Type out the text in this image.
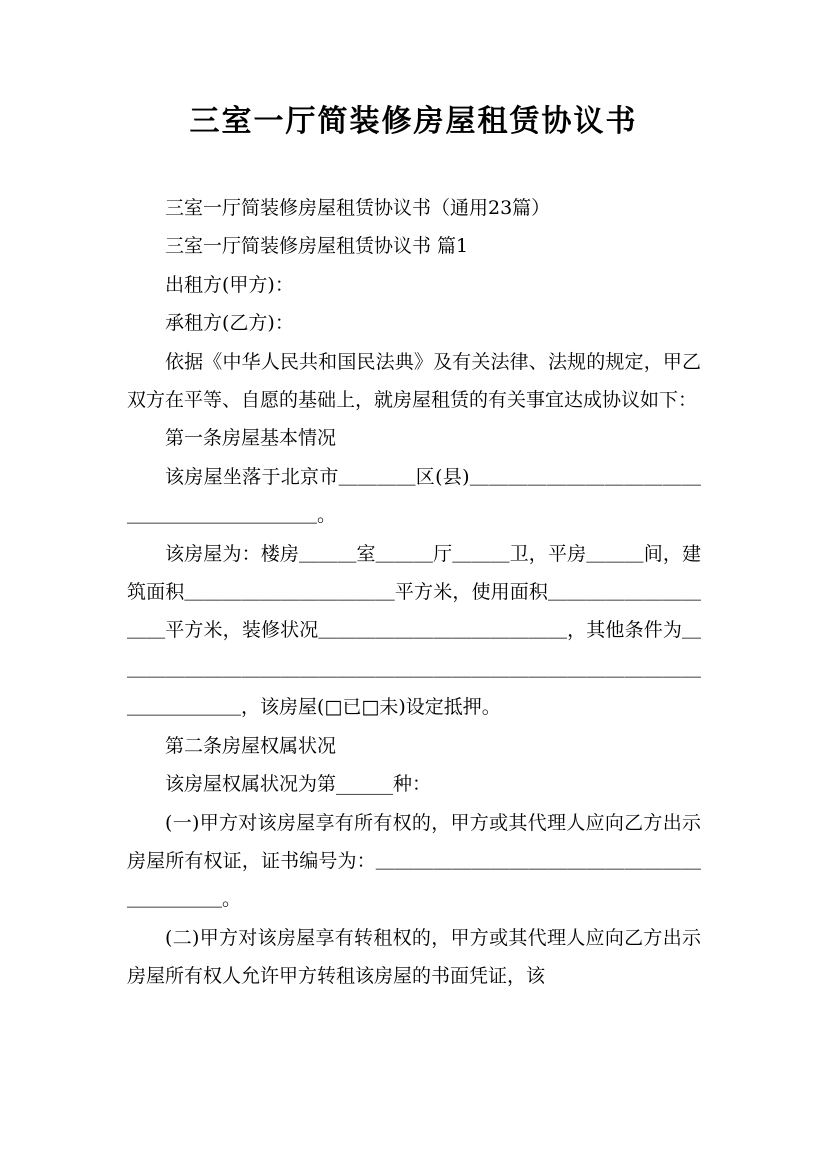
三室一厅简装修房屋租赁协议书

三室一厅简装修房屋租赁协议书（通用23篇）

三室一厅简装修房屋租赁协议书 篇1

出租方(甲方)：

承租方(乙方)：

依据《中华人民共和国民法典》及有关法律、法规的规定，甲乙双方在平等、自愿的基础上，就房屋租赁的有关事宜达成协议如下：

第一条房屋基本情况

该房屋坐落于北京市＿＿＿＿区(县)＿＿＿＿＿＿＿＿＿＿＿＿＿＿＿＿＿＿＿＿＿＿。

该房屋为：楼房＿＿＿室＿＿＿厅＿＿＿卫，平房＿＿＿间，建筑面积＿＿＿＿＿＿＿＿＿＿＿平方米，使用面积＿＿＿＿＿＿＿＿＿＿平方米，装修状况＿＿＿＿＿＿＿＿＿＿＿＿＿，其他条件为＿＿＿＿＿＿＿＿＿＿＿＿＿＿＿＿＿＿＿＿＿＿＿＿＿＿＿＿＿＿＿＿＿＿＿＿＿，该房屋(□已□未)设定抵押。

第二条房屋权属状况

该房屋权属状况为第______种：

(一)甲方对该房屋享有所有权的，甲方或其代理人应向乙方出示房屋所有权证，证书编号为：＿＿＿＿＿＿＿＿＿＿＿＿＿＿＿＿＿＿＿＿＿＿。

(二)甲方对该房屋享有转租权的，甲方或其代理人应向乙方出示房屋所有权人允许甲方转租该房屋的书面凭证，该
